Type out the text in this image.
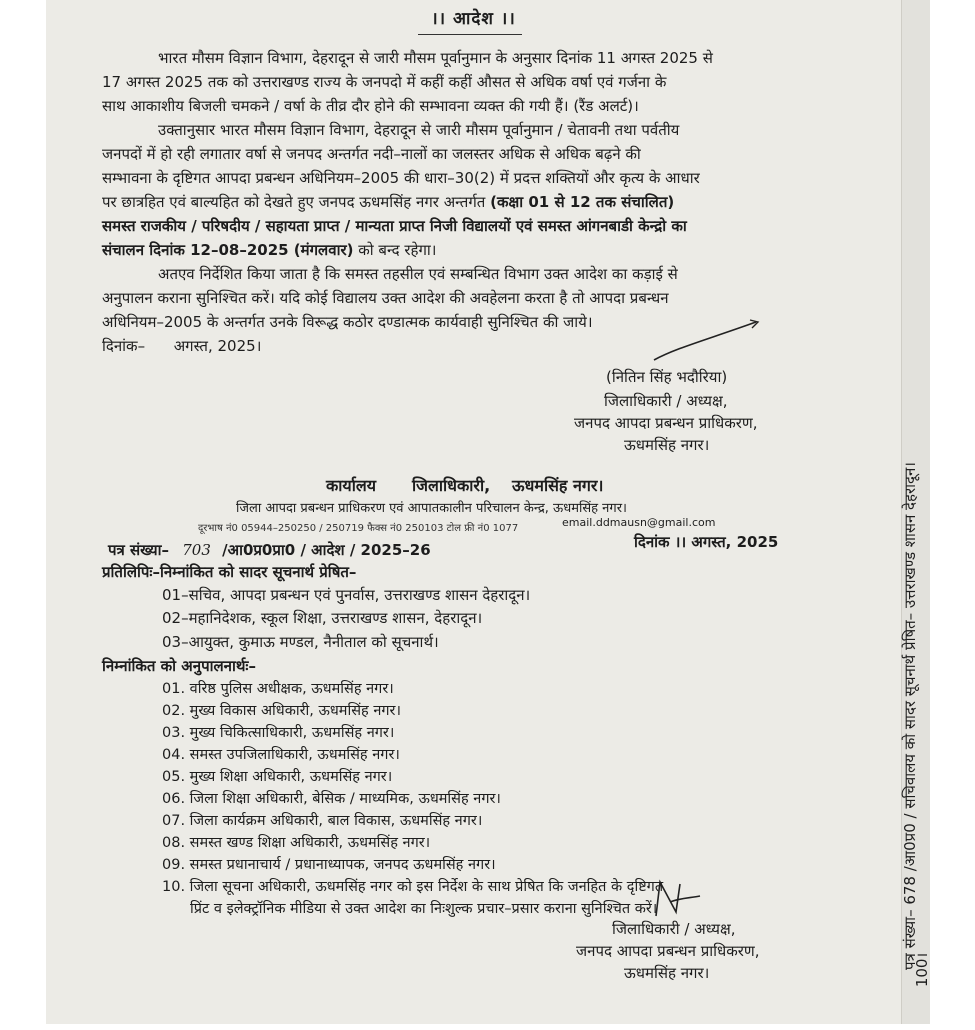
।। आदेश ।।
भारत मौसम विज्ञान विभाग, देहरादून से जारी मौसम पूर्वानुमान के अनुसार दिनांक 11 अगस्त 2025 से
17 अगस्त 2025 तक को उत्तराखण्ड राज्य के जनपदो में कहीं कहीं औसत से अधिक वर्षा एवं गर्जना के
साथ आकाशीय बिजली चमकने / वर्षा के तीव्र दौर होने की सम्भावना व्यक्त की गयी हैं। (रैंड अलर्ट)।
उक्तानुसार भारत मौसम विज्ञान विभाग, देहरादून से जारी मौसम पूर्वानुमान / चेतावनी तथा पर्वतीय
जनपदों में हो रही लगातार वर्षा से जनपद अन्तर्गत नदी–नालों का जलस्तर अधिक से अधिक बढ़ने की
सम्भावना के दृष्टिगत आपदा प्रबन्धन अधिनियम–2005 की धारा–30(2) में प्रदत्त शक्तियों और कृत्य के आधार
पर छात्रहित एवं बाल्यहित को देखते हुए जनपद ऊधमसिंह नगर अन्तर्गत (कक्षा 01 से 12 तक संचालित)
समस्त राजकीय / परिषदीय / सहायता प्राप्त / मान्यता प्राप्त निजी विद्यालयों एवं समस्त आंगनबाडी केन्द्रो का
संचालन दिनांक 12–08–2025 (मंगलवार) को बन्द रहेगा।
अतएव निर्देशित किया जाता है कि समस्त तहसील एवं सम्बन्धित विभाग उक्त आदेश का कड़ाई से
अनुपालन कराना सुनिश्चित करें। यदि कोई विद्यालय उक्त आदेश की अवहेलना करता है तो आपदा प्रबन्धन
अधिनियम–2005 के अन्तर्गत उनके विरूद्ध कठोर दण्डात्मक कार्यवाही सुनिश्चित की जाये।
दिनांक–      अगस्त, 2025।
(नितिन सिंह भदौरिया)
जिलाधिकारी / अध्यक्ष,
जनपद आपदा प्रबन्धन प्राधिकरण,
ऊधमसिंह नगर।
कार्यालय जिलाधिकारी, ऊधमसिंह नगर।
जिला आपदा प्रबन्धन प्राधिकरण एवं आपातकालीन परिचालन केन्द्र, ऊधमसिंह नगर।
दूरभाष नं0 05944–250250 / 250719 फैक्स नं0 250103 टोल फ्री नं0 1077	email.ddmausn@gmail.com
पत्र संख्या– 703 /आ0प्र0प्रा0 / आदेश / 2025–26	दिनांक ।। अगस्त, 2025
प्रतिलिपिः–निम्नांकित को सादर सूचनार्थ प्रेषित–
01–सचिव, आपदा प्रबन्धन एवं पुनर्वास, उत्तराखण्ड शासन देहरादून।
02–महानिदेशक, स्कूल शिक्षा, उत्तराखण्ड शासन, देहरादून।
03–आयुक्त, कुमाऊ मण्डल, नैनीताल को सूचनार्थ।
निम्नांकित को अनुपालनार्थः–
01. वरिष्ठ पुलिस अधीक्षक, ऊधमसिंह नगर।
02. मुख्य विकास अधिकारी, ऊधमसिंह नगर।
03. मुख्य चिकित्साधिकारी, ऊधमसिंह नगर।
04. समस्त उपजिलाधिकारी, ऊधमसिंह नगर।
05. मुख्य शिक्षा अधिकारी, ऊधमसिंह नगर।
06. जिला शिक्षा अधिकारी, बेसिक / माध्यमिक, ऊधमसिंह नगर।
07. जिला कार्यक्रम अधिकारी, बाल विकास, ऊधमसिंह नगर।
08. समस्त खण्ड शिक्षा अधिकारी, ऊधमसिंह नगर।
09. समस्त प्रधानाचार्य / प्रधानाध्यापक, जनपद ऊधमसिंह नगर।
10. जिला सूचना अधिकारी, ऊधमसिंह नगर को इस निर्देश के साथ प्रेषित कि जनहित के दृष्टिगत
प्रिंट व इलेक्ट्रॉनिक मीडिया से उक्त आदेश का निःशुल्क प्रचार–प्रसार कराना सुनिश्चित करें।
जिलाधिकारी / अध्यक्ष,
जनपद आपदा प्रबन्धन प्राधिकरण,
ऊधमसिंह नगर।
पत्र संख्या– 678 /आ0प्र0 / सचिवालय को सादर सूचनार्थ प्रेषित– उत्तराखण्ड शासन देहरादून।
100।
